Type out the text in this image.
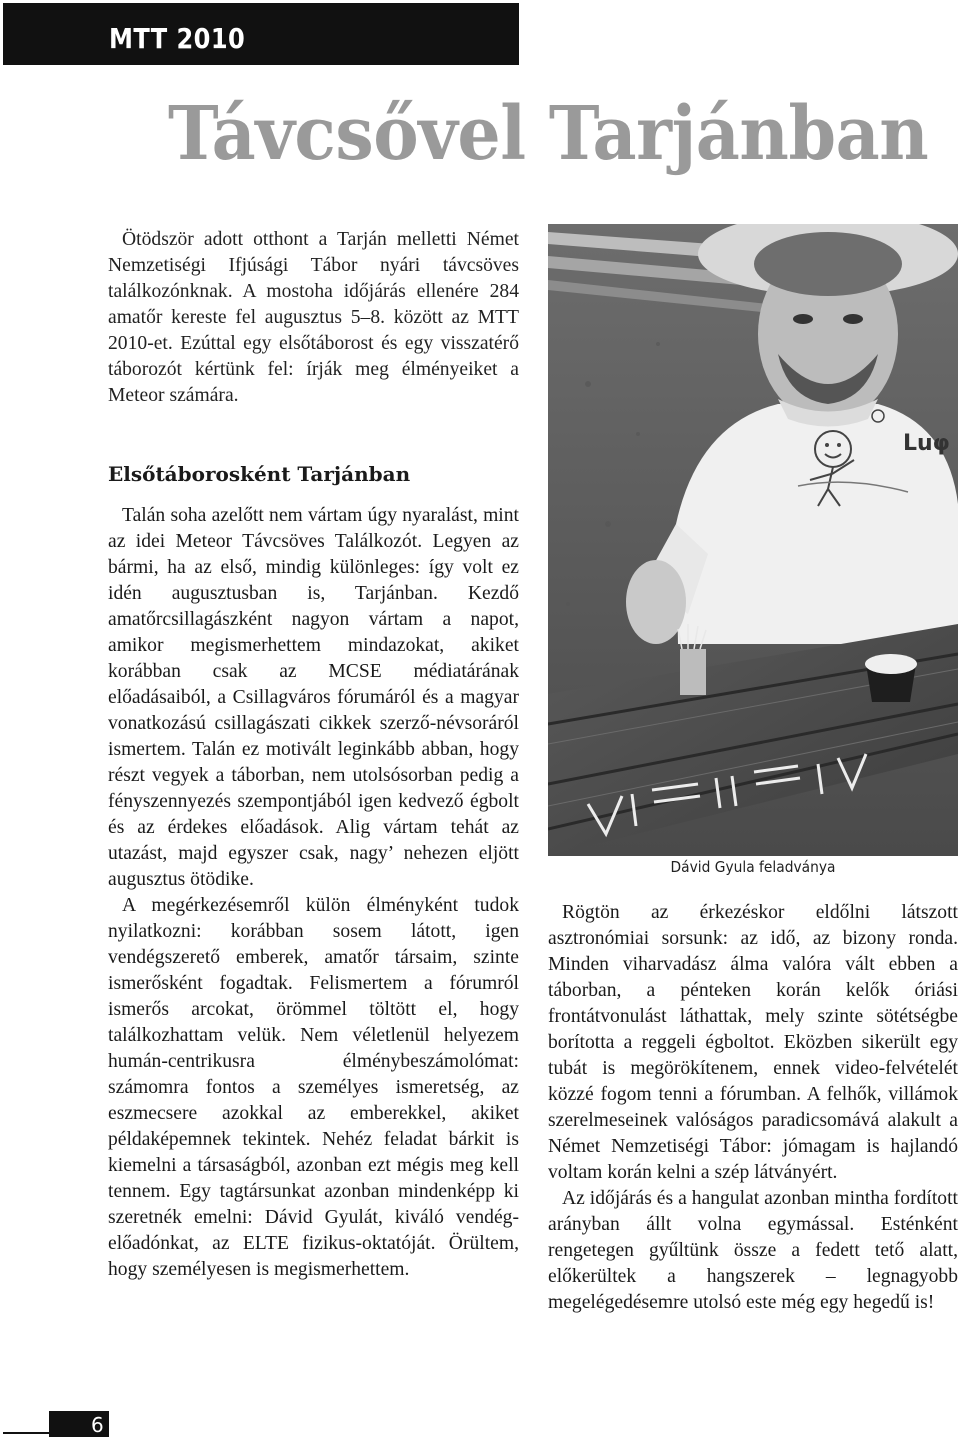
MTT 2010
Távcsővel Tarjánban

Ötödször adott otthont a Tarján melletti Német Nemzetiségi Ifjúsági Tábor nyári távcsöves találkozónknak. A mostoha időjárás ellenére 284 amatőr kereste fel augusztus 5–8. között az MTT 2010-et. Ezúttal egy elsőtáborost és egy visszatérő táborozót kértünk fel: írják meg élményeiket a Meteor számára.

Elsőtáborosként Tarjánban

Talán soha azelőtt nem vártam úgy nyaralást, mint az idei Meteor Távcsöves Találkozót. Legyen az bármi, ha az első, mindig különleges: így volt ez idén augusztusban is, Tarjánban. Kezdő amatőrcsillagászként nagyon vártam a napot, amikor megismerhettem mindazokat, akiket korábban csak az MCSE médiatárának előadásaiból, a Csillagváros fórumáról és a magyar vonatkozású csillagászati cikkek szerző-névsoráról ismertem. Talán ez motivált leginkább abban, hogy részt vegyek a táborban, nem utolsósorban pedig a fényszennyezés szempontjából igen kedvező égbolt és az érdekes előadások. Alig vártam tehát az utazást, majd egyszer csak, nagy’ nehezen eljött augusztus ötödike.

A megérkezésemről külön élményként tudok nyilatkozni: korábban sosem látott, igen vendégszerető emberek, amatőr társaim, szinte ismerősként fogadtak. Felismertem a fórumról ismerős arcokat, örömmel töltött el, hogy találkozhattam velük. Nem véletlenül helyezem humán-centrikusra élménybeszámolómat: számomra fontos a személyes ismeretség, az eszmecsere azokkal az emberekkel, akiket példaképemnek tekintek. Nehéz feladat bárkit is kiemelni a társaságból, azonban ezt mégis meg kell tennem. Egy tagtársunkat azonban mindenképp ki szeretnék emelni: Dávid Gyulát, kiváló vendég-előadónkat, az ELTE fizikus-oktatóját. Örültem, hogy személyesen is megismerhettem.

Luφ
Dávid Gyula feladványa

Rögtön az érkezéskor eldőlni látszott asztronómiai sorsunk: az idő, az bizony ronda. Minden viharvadász álma valóra vált ebben a táborban, a pénteken korán kelők óriási frontátvonulást láthattak, mely szinte sötétségbe borította a reggeli égboltot. Eközben sikerült egy tubát is megörökítenem, ennek video-felvételét közzé fogom tenni a fórumban. A felhők, villámok szerelmeseinek valóságos paradicsomává alakult a Német Nemzetiségi Tábor: jómagam is hajlandó voltam korán kelni a szép látványért.

Az időjárás és a hangulat azonban mintha fordított arányban állt volna egymással. Esténként rengetegen gyűltünk össze a fedett tető alatt, előkerültek a hangszerek – legnagyobb megelégedésemre utolsó este még egy hegedű is!

6
